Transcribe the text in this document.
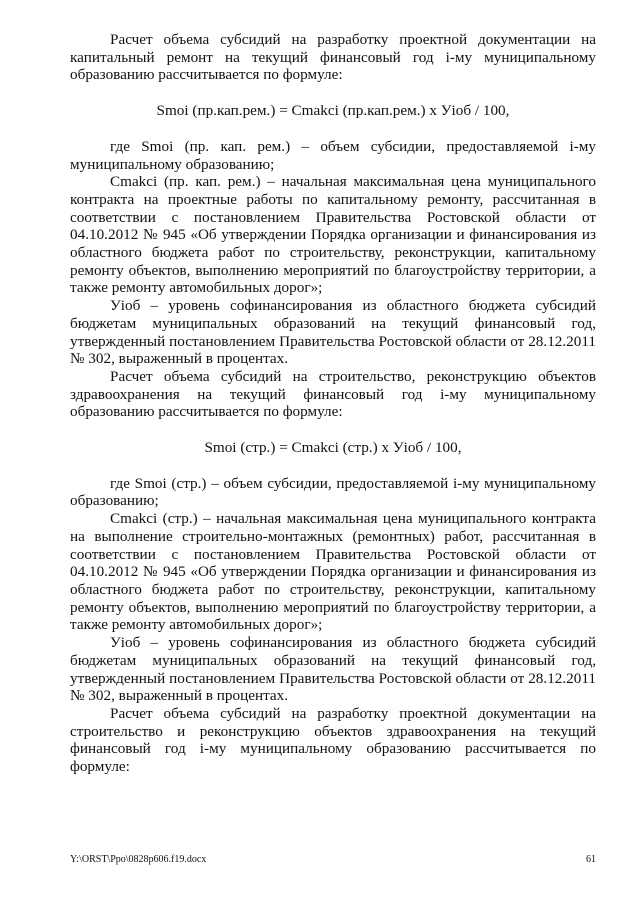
Расчет объема субсидий на разработку проектной документации на капитальный ремонт на текущий финансовый год i-му муниципальному образованию рассчитывается по формуле:

Smoi (пр.кап.рем.) = Cmakci (пр.кап.рем.) x Уioб / 100,

где Smoi (пр. кап. рем.) – объем субсидии, предоставляемой i-му муниципальному образованию;

Cmakci (пр. кап. рем.) – начальная максимальная цена муниципального контракта на проектные работы по капитальному ремонту, рассчитанная в соответствии с постановлением Правительства Ростовской области от 04.10.2012 № 945 «Об утверждении Порядка организации и финансирования из областного бюджета работ по строительству, реконструкции, капитальному ремонту объектов, выполнению мероприятий по благоустройству территории, а также ремонту автомобильных дорог»;

Уioб – уровень софинансирования из областного бюджета субсидий бюджетам муниципальных образований на текущий финансовый год, утвержденный постановлением Правительства Ростовской области от 28.12.2011 № 302, выраженный в процентах.

Расчет объема субсидий на строительство, реконструкцию объектов здравоохранения на текущий финансовый год i-му муниципальному образованию рассчитывается по формуле:

Smoi (стр.) = Cmakci (стр.) x Уioб / 100,

где Smoi (стр.) – объем субсидии, предоставляемой i-му муниципальному образованию;

Cmakci (стр.) – начальная максимальная цена муниципального контракта на выполнение строительно-монтажных (ремонтных) работ, рассчитанная в соответствии с постановлением Правительства Ростовской области от 04.10.2012 № 945 «Об утверждении Порядка организации и финансирования из областного бюджета работ по строительству, реконструкции, капитальному ремонту объектов, выполнению мероприятий по благоустройству территории, а также ремонту автомобильных дорог»;

Уioб – уровень софинансирования из областного бюджета субсидий бюджетам муниципальных образований на текущий финансовый год, утвержденный постановлением Правительства Ростовской области от 28.12.2011 № 302, выраженный в процентах.

Расчет объема субсидий на разработку проектной документации на строительство и реконструкцию объектов здравоохранения на текущий финансовый год i-му муниципальному образованию рассчитывается по формуле:

Y:\ORST\Ppo\0828p606.f19.docx	61
